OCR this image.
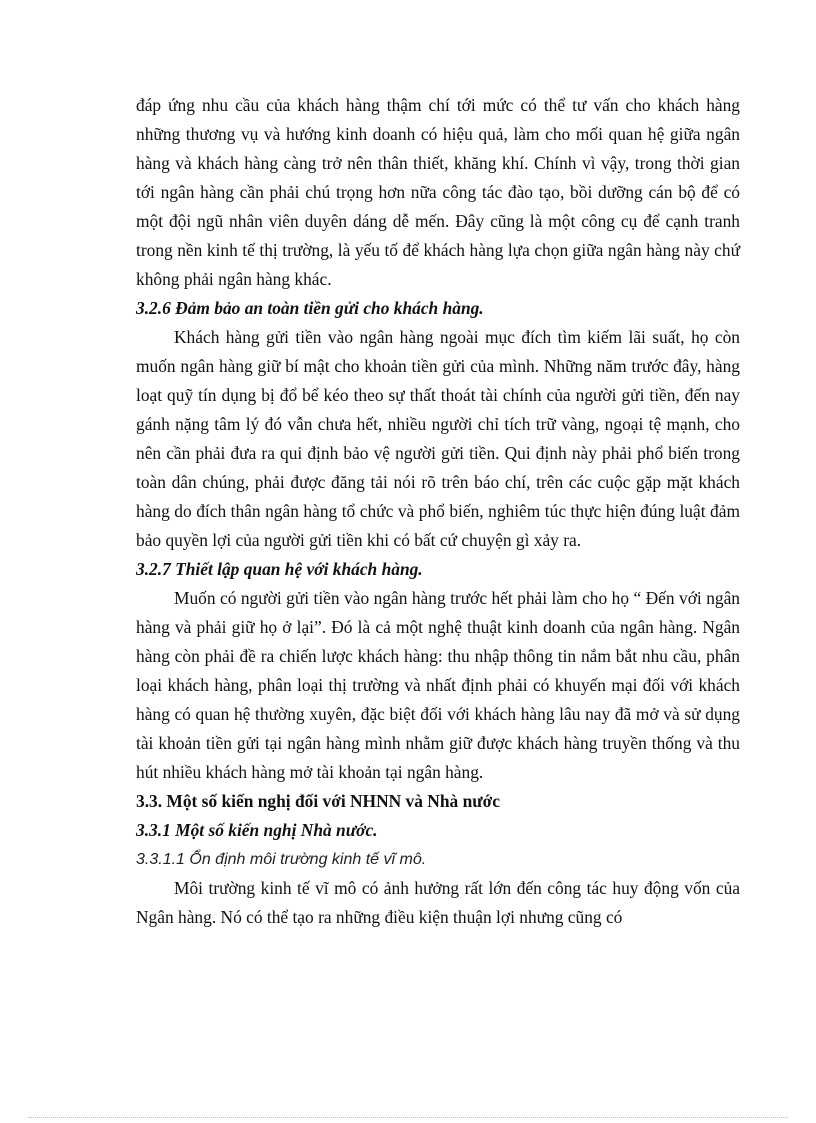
đáp ứng nhu cầu của khách hàng thậm chí tới mức có thể tư vấn cho khách hàng những thương vụ và hướng kinh doanh có hiệu quả, làm cho mối quan hệ giữa ngân hàng và khách hàng càng trở nên thân thiết, khăng khí. Chính vì vậy, trong thời gian tới ngân hàng cần phải chú trọng hơn nữa công tác đào tạo, bồi dưỡng cán bộ để có một đội ngũ nhân viên duyên dáng dễ mến. Đây cũng là một công cụ để cạnh tranh trong nền kinh tế thị trường, là yếu tố để khách hàng lựa chọn giữa ngân hàng này chứ không phải ngân hàng khác.

3.2.6 Đảm bảo an toàn tiền gửi cho khách hàng.

Khách hàng gửi tiền vào ngân hàng ngoài mục đích tìm kiếm lãi suất, họ còn muốn ngân hàng giữ bí mật cho khoản tiền gửi của mình. Những năm trước đây, hàng loạt quỹ tín dụng bị đổ bể kéo theo sự thất thoát tài chính của người gửi tiền, đến nay gánh nặng tâm lý đó vẫn chưa hết, nhiều người chỉ tích trữ vàng, ngoại tệ mạnh, cho nên cần phải đưa ra qui định bảo vệ người gửi tiền. Qui định này phải phổ biến trong toàn dân chúng, phải được đăng tải nói rõ trên báo chí, trên các cuộc gặp mặt khách hàng do đích thân ngân hàng tổ chức và phổ biến, nghiêm túc thực hiện đúng luật đảm bảo quyền lợi của người gửi tiền khi có bất cứ chuyện gì xảy ra.

3.2.7 Thiết lập quan hệ với khách hàng.

Muốn có người gửi tiền vào ngân hàng trước hết phải làm cho họ “ Đến với ngân hàng và phải giữ họ ở lại”. Đó là cả một nghệ thuật kinh doanh của ngân hàng. Ngân hàng còn phải đề ra chiến lược khách hàng: thu nhập thông tin nắm bắt nhu cầu, phân loại khách hàng, phân loại thị trường và nhất định phải có khuyến mại đối với khách hàng có quan hệ thường xuyên, đặc biệt đối với khách hàng lâu nay đã mở và sử dụng tài khoản tiền gửi tại ngân hàng mình nhằm giữ được khách hàng truyền thống và thu hút nhiều khách hàng mở tài khoản tại ngân hàng.

3.3. Một số kiến nghị đối với NHNN và Nhà nước

3.3.1 Một số kiến nghị Nhà nước.

3.3.1.1 Ổn định môi trường kinh tế vĩ mô.

Môi trường kinh tế vĩ mô có ảnh hưởng rất lớn đến công tác huy động vốn của Ngân hàng. Nó có thể tạo ra những điều kiện thuận lợi nhưng cũng có
